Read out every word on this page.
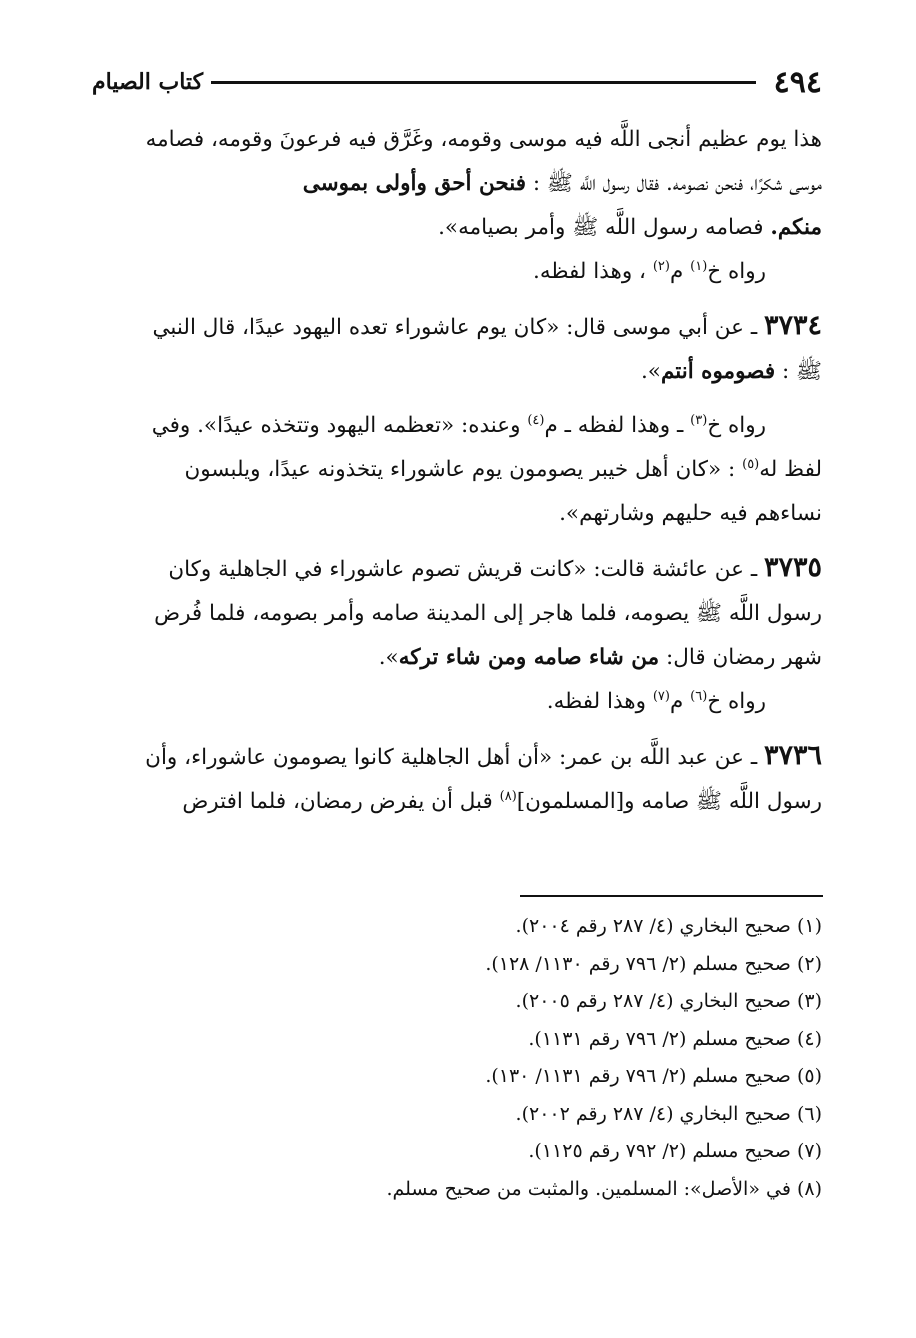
٤٩٤
كتاب الصيام

هذا يوم عظيم أنجى اللَّه فيه موسى وقومه، وغَرَّق فيه فرعونَ وقومه، فصامه

موسى شكرًا، فنحن نصومه. فقال رسول اللَّه ﷺ : فنحن أحق وأولى بموسى

منكم. فصامه رسول اللَّه ﷺ وأمر بصيامه».

رواه خ$^{(١)}$ م$^{(٢)}$ ، وهذا لفظه.

٣٧٣٤ ـ عن أبي موسى قال: «كان يوم عاشوراء تعده اليهود عيدًا، قال النبي

ﷺ : فصوموه أنتم».

رواه خ$^{(٣)}$ ـ وهذا لفظه ـ م$^{(٤)}$ وعنده: «تعظمه اليهود وتتخذه عيدًا». وفي

لفظ له$^{(٥)}$ : «كان أهل خيبر يصومون يوم عاشوراء يتخذونه عيدًا، ويلبسون

نساءهم فيه حليهم وشارتهم».

٣٧٣٥ ـ عن عائشة قالت: «كانت قريش تصوم عاشوراء في الجاهلية وكان

رسول اللَّه ﷺ يصومه، فلما هاجر إلى المدينة صامه وأمر بصومه، فلما فُرض

شهر رمضان قال: من شاء صامه ومن شاء تركه».

رواه خ$^{(٦)}$ م$^{(٧)}$ وهذا لفظه.

٣٧٣٦ ـ عن عبد اللَّه بن عمر: «أن أهل الجاهلية كانوا يصومون عاشوراء، وأن

رسول اللَّه ﷺ صامه و[المسلمون]$^{(٨)}$ قبل أن يفرض رمضان، فلما افترض

(١) صحيح البخاري (٤/ ٢٨٧ رقم ٢٠٠٤).
(٢) صحيح مسلم (٢/ ٧٩٦ رقم ١١٣٠/ ١٢٨).
(٣) صحيح البخاري (٤/ ٢٨٧ رقم ٢٠٠٥).
(٤) صحيح مسلم (٢/ ٧٩٦ رقم ١١٣١).
(٥) صحيح مسلم (٢/ ٧٩٦ رقم ١١٣١/ ١٣٠).
(٦) صحيح البخاري (٤/ ٢٨٧ رقم ٢٠٠٢).
(٧) صحيح مسلم (٢/ ٧٩٢ رقم ١١٢٥).
(٨) في «الأصل»: المسلمين. والمثبت من صحيح مسلم.
